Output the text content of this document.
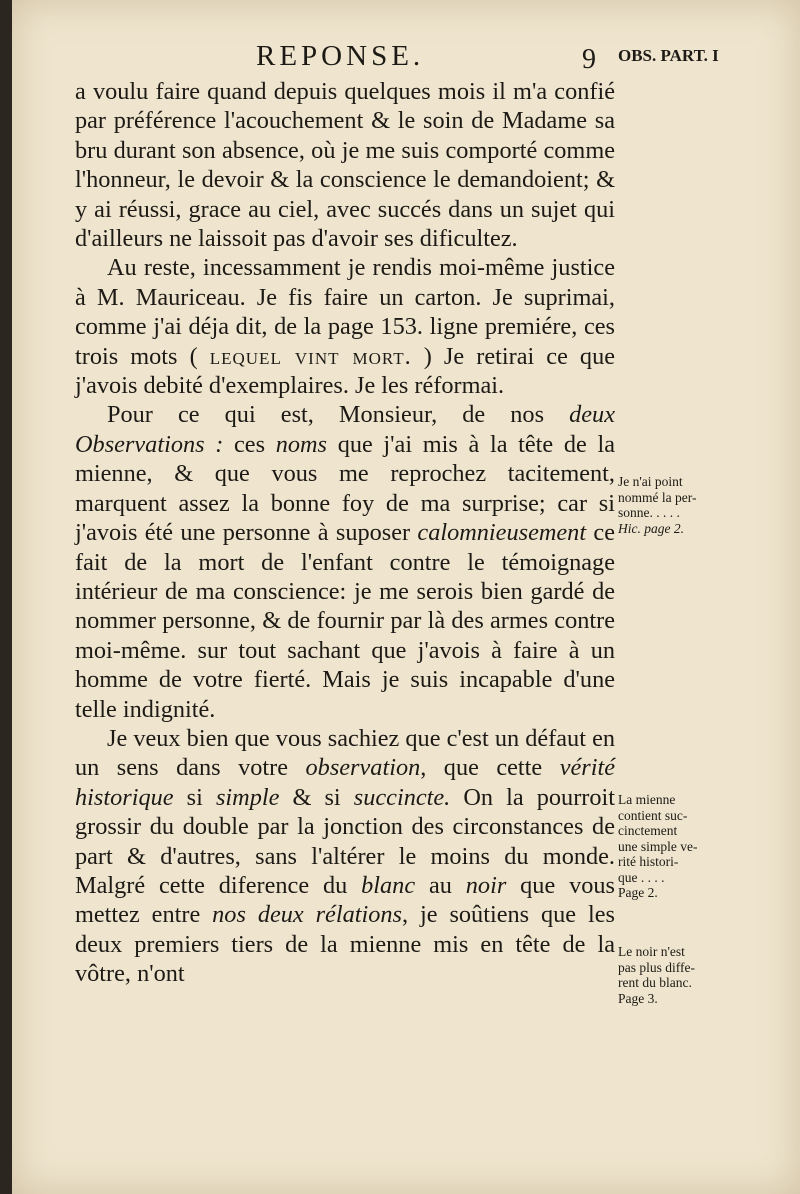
REPONSE.	9 OBS. PART. I

a voulu faire quand depuis quelques mois il m'a confié par préférence l'acouchement & le soin de Madame sa bru durant son absence, où je me suis comporté comme l'honneur, le devoir & la conscience le demandoient; & y ai réussi, grace au ciel, avec succés dans un sujet qui d'ailleurs ne laissoit pas d'avoir ses dificultez.

Au reste, incessamment je rendis moi-même justice à M. Mauriceau. Je fis faire un carton. Je suprimai, comme j'ai déja dit, de la page 153. ligne premiére, ces trois mots ( lequel vint mort. ) Je retirai ce que j'avois debité d'exemplaires. Je les réformai.

Pour ce qui est, Monsieur, de nos deux Observations : ces noms que j'ai mis à la tête de la mienne, & que vous me reprochez tacitement, marquent assez la bonne foy de ma surprise; car si j'avois été une personne à suposer calomnieusement ce fait de la mort de l'enfant contre le témoignage intérieur de ma conscience: je me serois bien gardé de nommer personne, & de fournir par là des armes contre moi-même. sur tout sachant que j'avois à faire à un homme de votre fierté. Mais je suis incapable d'une telle indignité.

Je veux bien que vous sachiez que c'est un défaut en un sens dans votre observation, que cette vérité historique si simple & si succincte. On la pourroit grossir du double par la jonction des circonstances de part & d'autres, sans l'altérer le moins du monde. Malgré cette diference du blanc au noir que vous mettez entre nos deux rélations, je soûtiens que les deux premiers tiers de la mienne mis en tête de la vôtre, n'ont

Je n'ai point
nommé la per-
sonne. . . . .
Hic. page 2.
La mienne
contient suc-
cinctement
une simple ve-
rité histori-
que . . . .
Page 2.
Le noir n'est
pas plus diffe-
rent du blanc.
Page 3.
